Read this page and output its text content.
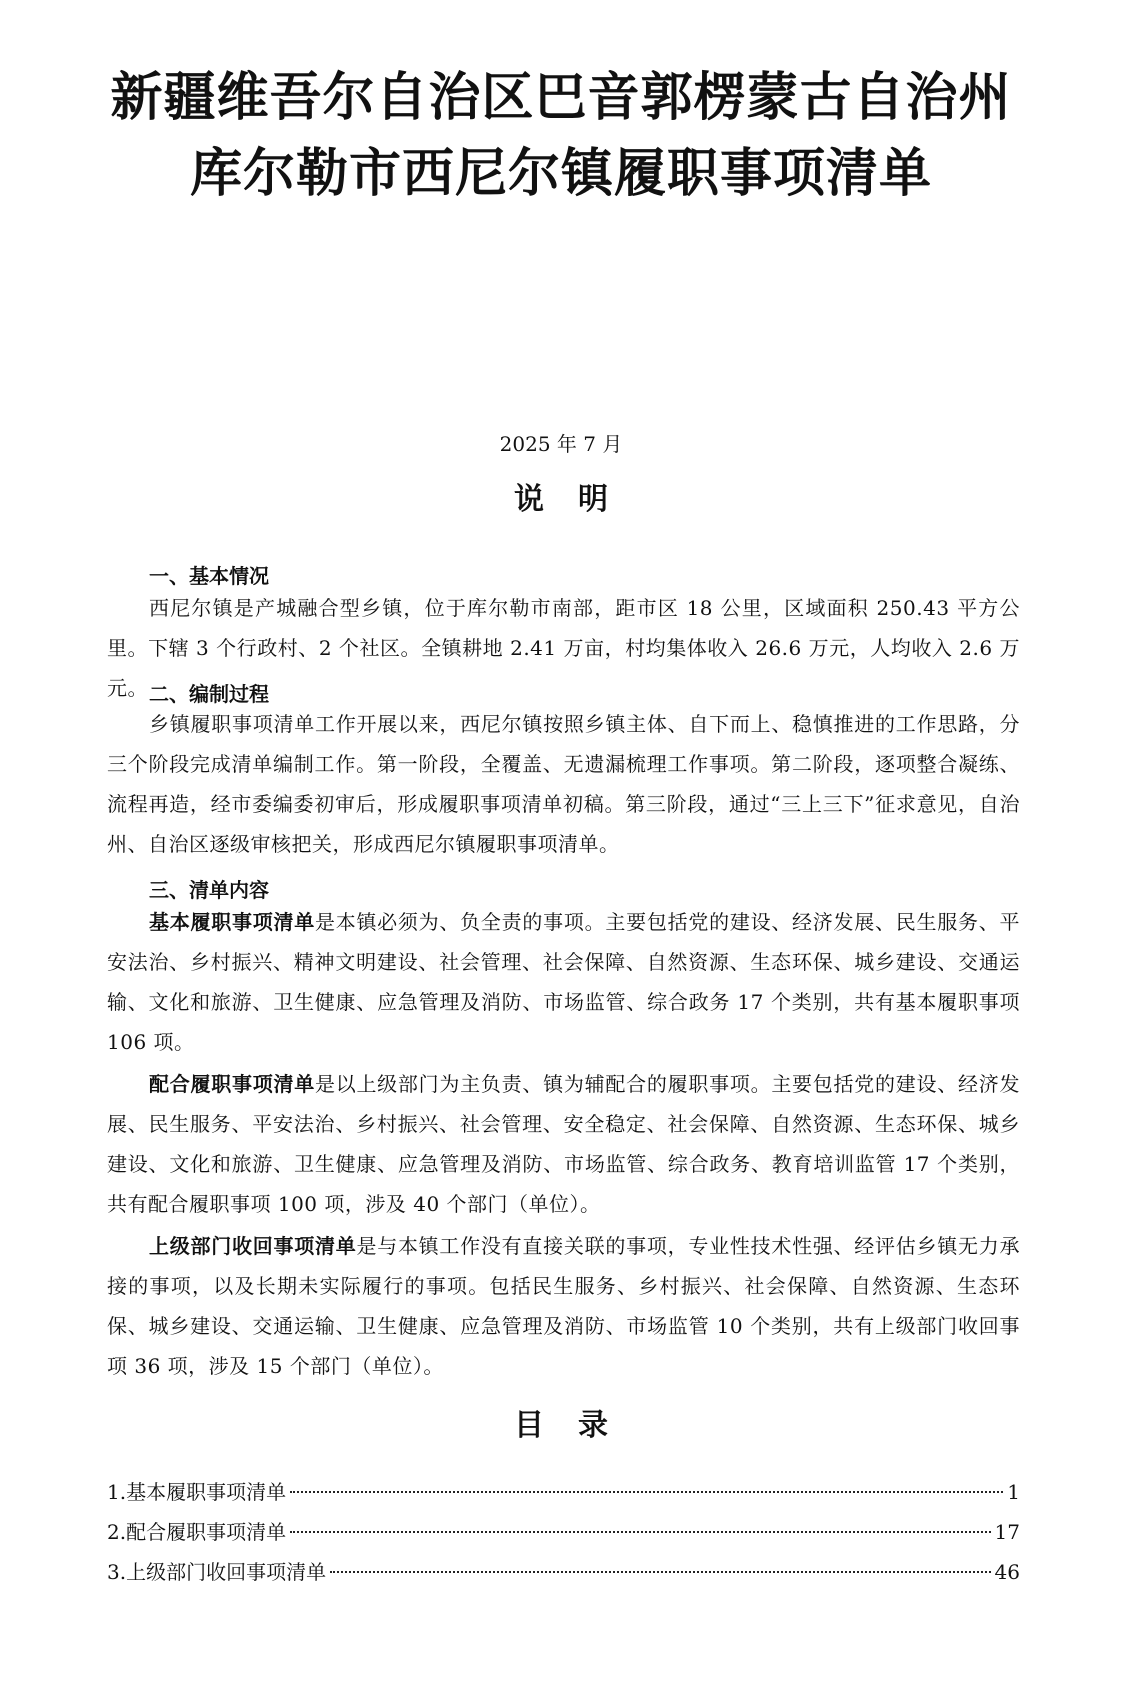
新疆维吾尔自治区巴音郭楞蒙古自治州
库尔勒市西尼尔镇履职事项清单
2025 年 7 月
说明
一、基本情况
西尼尔镇是产城融合型乡镇，位于库尔勒市南部，距市区 18 公里，区域面积 250.43 平方公里。下辖 3 个行政村、2 个社区。全镇耕地 2.41 万亩，村均集体收入 26.6 万元，人均收入 2.6 万元。 二、编制过程
乡镇履职事项清单工作开展以来，西尼尔镇按照乡镇主体、自下而上、稳慎推进的工作思路，分三个阶段完成清单编制工作。第一阶段，全覆盖、无遗漏梳理工作事项。第二阶段，逐项整合凝练、流程再造，经市委编委初审后，形成履职事项清单初稿。第三阶段，通过“三上三下”征求意见，自治州、自治区逐级审核把关，形成西尼尔镇履职事项清单。
三、清单内容
基本履职事项清单是本镇必须为、负全责的事项。主要包括党的建设、经济发展、民生服务、平安法治、乡村振兴、精神文明建设、社会管理、社会保障、自然资源、生态环保、城乡建设、交通运输、文化和旅游、卫生健康、应急管理及消防、市场监管、综合政务 17 个类别，共有基本履职事项 106 项。
配合履职事项清单是以上级部门为主负责、镇为辅配合的履职事项。主要包括党的建设、经济发展、民生服务、平安法治、乡村振兴、社会管理、安全稳定、社会保障、自然资源、生态环保、城乡建设、文化和旅游、卫生健康、应急管理及消防、市场监管、综合政务、教育培训监管 17 个类别，共有配合履职事项 100 项，涉及 40 个部门（单位）。
上级部门收回事项清单是与本镇工作没有直接关联的事项，专业性技术性强、经评估乡镇无力承接的事项，以及长期未实际履行的事项。包括民生服务、乡村振兴、社会保障、自然资源、生态环保、城乡建设、交通运输、卫生健康、应急管理及消防、市场监管 10 个类别，共有上级部门收回事项 36 项，涉及 15 个部门（单位）。
目录
1.基本履职事项清单	1
2.配合履职事项清单	17
3.上级部门收回事项清单	46
